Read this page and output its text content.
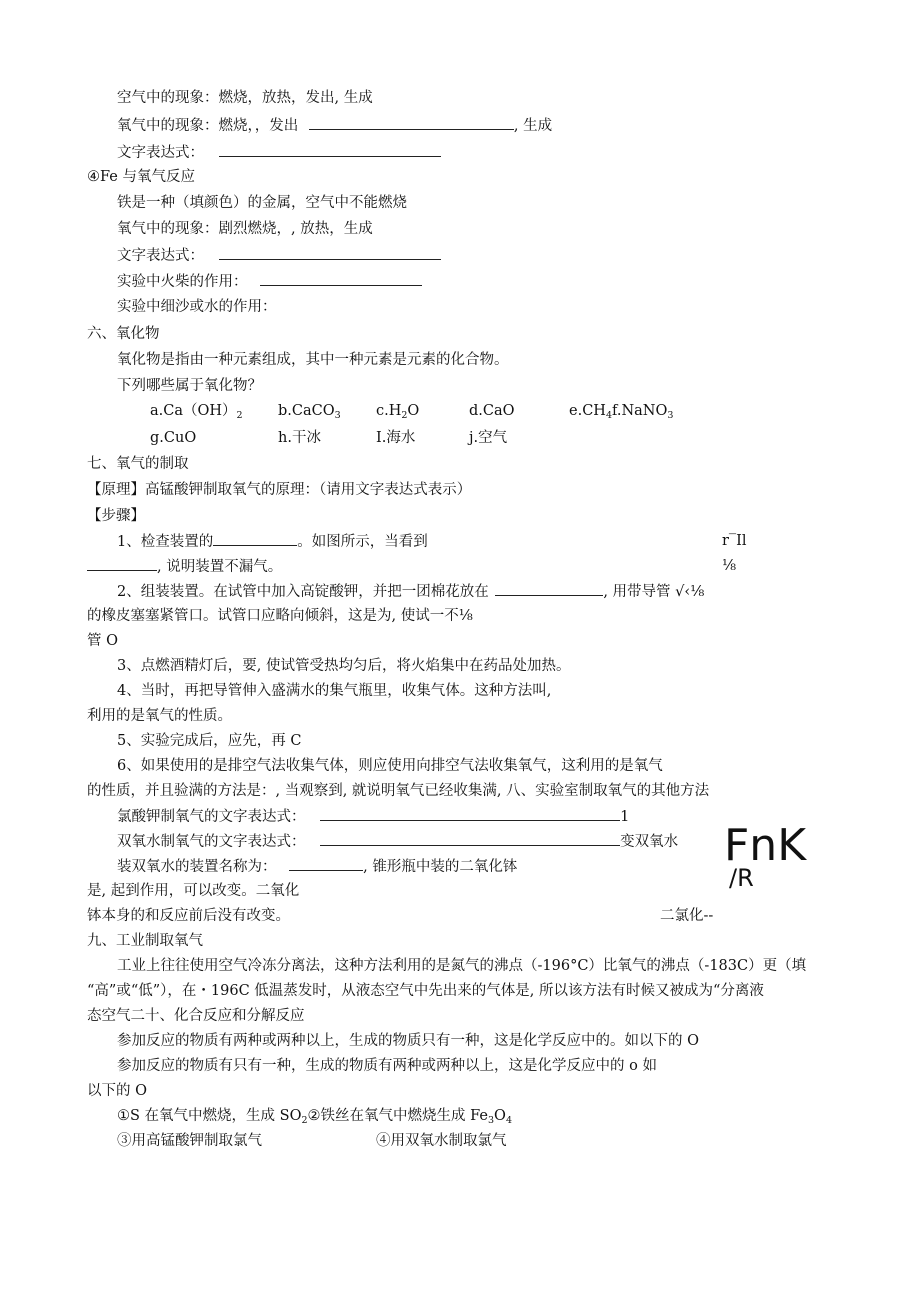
空气中的现象：燃烧，放热，发出, 生成
氧气中的现象：燃烧，，发出	, 生成
文字表达式：
④Fe 与氧气反应
铁是一种（填颜色）的金属，空气中不能燃烧
氧气中的现象：剧烈燃烧，, 放热，生成
文字表达式：
实验中火柴的作用：
实验中细沙或水的作用：
六、氧化物
氧化物是指由一种元素组成，其中一种元素是元素的化合物。
下列哪些属于氧化物？
$a.Ca(OH)_2$ b.CaCO$_3$ $c.H_2O$	d.CaO	$e.CH_4f.NaNO_3$
g.CuO	h.干冰	I.海水	j.空气
七、氧气的制取
【原理】高锰酸钾制取氧气的原理：（请用文字表达式表示）
【步骤】
1、检查装置的	。如图所示，当看到	r‾Il
, 说明装置不漏气。	⅛
2、组装装置。在试管中加入高锭酸钾，并把一团棉花放在	, 用带导管 √‹⅛
的橡皮塞塞紧管口。试管口应略向倾斜，这是为, 使试一不⅛
管 O
3、点燃酒精灯后，要, 使试管受热均匀后，将火焰集中在药品处加热。
4、当时，再把导管伸入盛满水的集气瓶里，收集气体。这种方法叫,
利用的是氧气的性质。
5、实验完成后，应先，再 C
6、如果使用的是排空气法收集气体，则应使用向排空气法收集氧气，这利用的是氧气
的性质，并且验满的方法是：, 当观察到, 就说明氧气已经收集满, 八、实验室制取氧气的其他方法
氯酸钾制氧气的文字表达式：	1
双氧水制氧气的文字表达式：	变双氧水
装双氧水的装置名称为：	, 锥形瓶中装的二氧化钵
是, 起到作用，可以改变。二氧化
钵本身的和反应前后没有改变。	二氯化--
FnK
/R
九、工业制取氧气
工业上往往使用空气冷冻分离法，这种方法利用的是氮气的沸点（-196°C）比氧气的沸点（-183C）更（填
“高”或“低”），在・196C 低温蒸发时，从液态空气中先出来的气体是, 所以该方法有时候又被成为“分离液
态空气二十、化合反应和分解反应
参加反应的物质有两种或两种以上，生成的物质只有一种，这是化学反应中的。如以下的 O
参加反应的物质有只有一种，生成的物质有两种或两种以上，这是化学反应中的 o 如
以下的 O
①S 在氧气中燃烧，生成 $SO_2②$铁丝在氧气中燃烧生成 $Fe_3O_4$
③用高锰酸钾制取氯气	④用双氧水制取氯气
